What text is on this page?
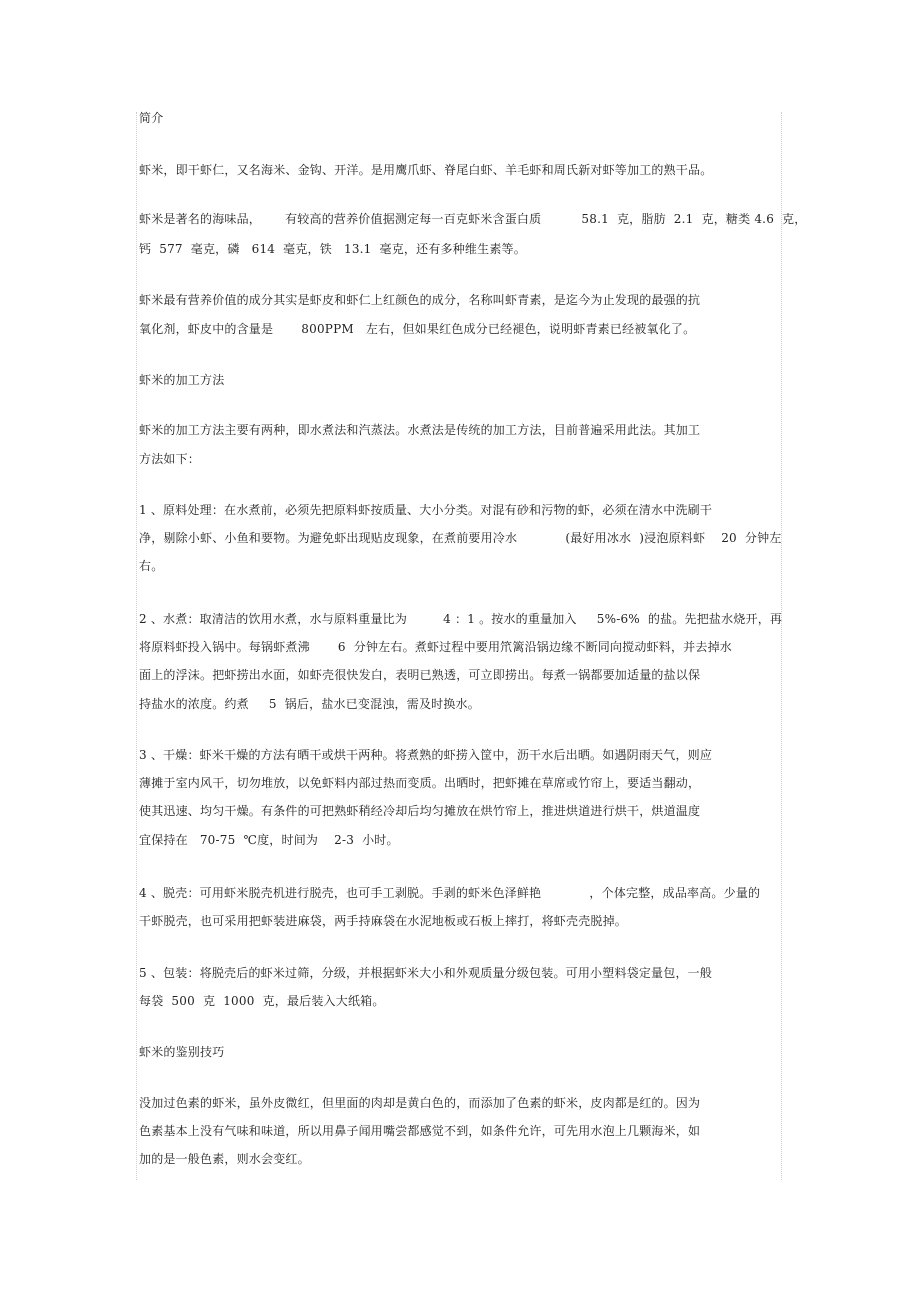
简介
虾米，即干虾仁，又名海米、金钩、开洋。是用鹰爪虾、脊尾白虾、羊毛虾和周氏新对虾等加工的熟干品。
虾米是著名的海味品，      有较高的营养价值据测定每一百克虾米含蛋白质          58.1  克，脂肪  2.1  克，糖类 4.6  克，
钙  577  毫克，磷   614  毫克，铁   13.1  毫克，还有多种维生素等。
虾米最有营养价值的成分其实是虾皮和虾仁上红颜色的成分，名称叫虾青素，是迄今为止发现的最强的抗
氧化剂，虾皮中的含量是       800PPM   左右，但如果红色成分已经褪色，说明虾青素已经被氧化了。
虾米的加工方法
虾米的加工方法主要有两种，即水煮法和汽蒸法。水煮法是传统的加工方法，目前普遍采用此法。其加工
方法如下：
1 、原料处理：在水煮前，必须先把原料虾按质量、大小分类。对混有砂和污物的虾，必须在清水中洗刷干
净，剔除小虾、小鱼和要物。为避免虾出现贴皮现象，在煮前要用冷水            (最好用冰水  )浸泡原料虾    20  分钟左
右。
2 、水煮：取清洁的饮用水煮，水与原料重量比为         4 ：1 。按水的重量加入     5%-6%  的盐。先把盐水烧开，再
将原料虾投入锅中。每锅虾煮沸       6  分钟左右。煮虾过程中要用笊篱沿锅边缘不断同向搅动虾料，并去掉水
面上的浮沫。把虾捞出水面，如虾壳很快发白，表明已熟透，可立即捞出。每煮一锅都要加适量的盐以保
持盐水的浓度。约煮     5  锅后，盐水已变混浊，需及时换水。
3 、干燥：虾米干燥的方法有晒干或烘干两种。将煮熟的虾捞入筐中，沥干水后出晒。如遇阴雨天气，则应
薄摊于室内风干，切勿堆放，以免虾料内部过热而变质。出晒时，把虾摊在草席或竹帘上，要适当翻动，
使其迅速、均匀干燥。有条件的可把熟虾稍经冷却后均匀摊放在烘竹帘上，推进烘道进行烘干，烘道温度
宜保持在   70-75  ℃度，时间为    2-3  小时。
4 、脱壳：可用虾米脱壳机进行脱壳，也可手工剥脱。手剥的虾米色泽鲜艳            ，个体完整，成品率高。少量的
干虾脱壳，也可采用把虾装进麻袋，两手持麻袋在水泥地板或石板上摔打，将虾壳壳脱掉。
5 、包装：将脱壳后的虾米过筛，分级，并根据虾米大小和外观质量分级包装。可用小塑料袋定量包，一般
每袋  500  克  1000  克，最后装入大纸箱。
虾米的鉴别技巧
没加过色素的虾米，虽外皮微红，但里面的肉却是黄白色的，而添加了色素的虾米，皮肉都是红的。因为
色素基本上没有气味和味道，所以用鼻子闻用嘴尝都感觉不到，如条件允许，可先用水泡上几颗海米，如
加的是一般色素，则水会变红。
